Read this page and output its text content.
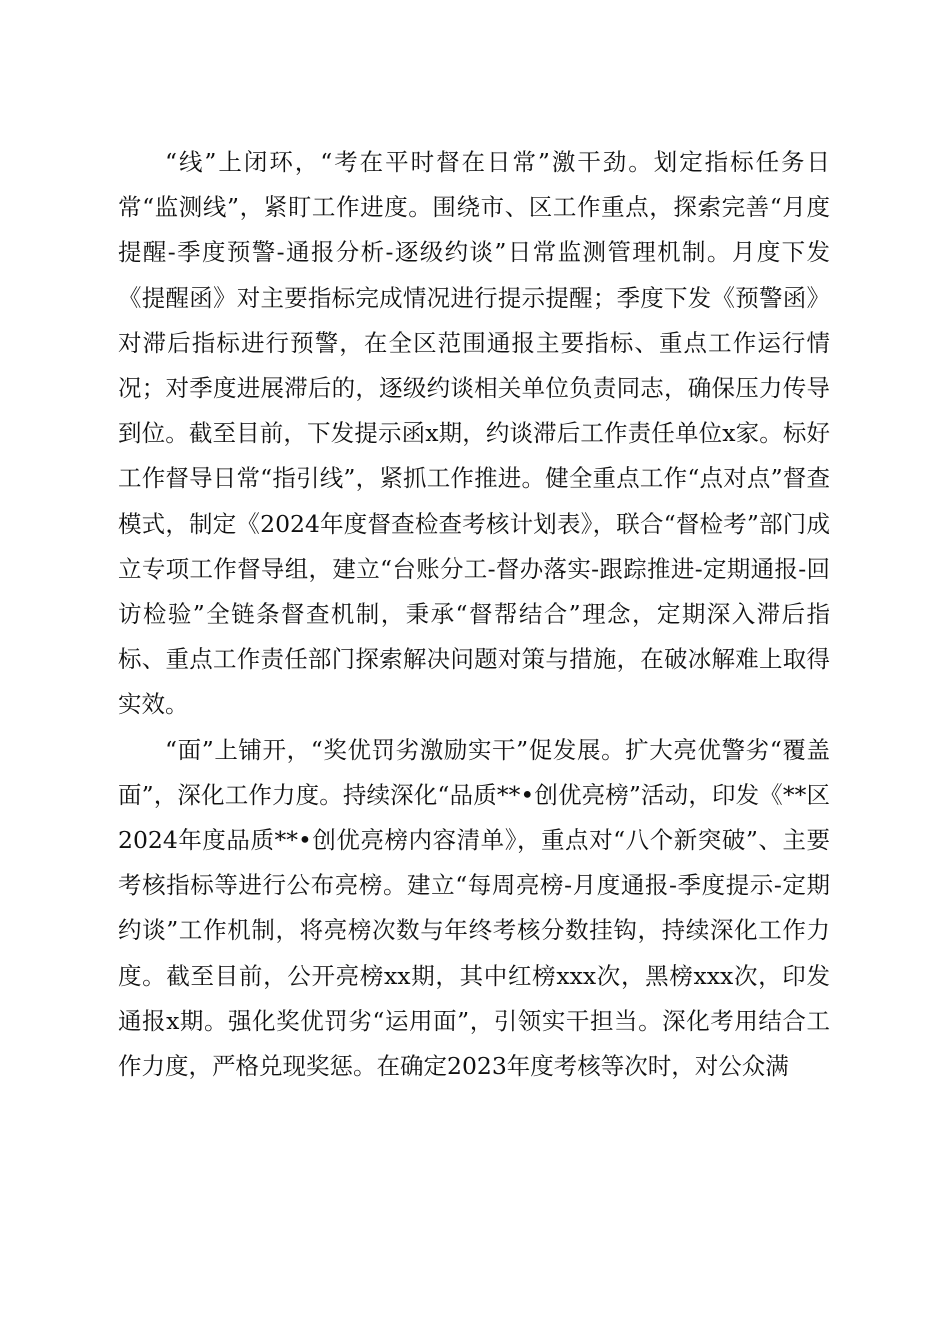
“线”上闭环，“考在平时督在日常”激干劲。划定指标任务日常“监测线”，紧盯工作进度。围绕市、区工作重点，探索完善“月度提醒-季度预警-通报分析-逐级约谈”日常监测管理机制。月度下发《提醒函》对主要指标完成情况进行提示提醒；季度下发《预警函》对滞后指标进行预警，在全区范围通报主要指标、重点工作运行情况；对季度进展滞后的，逐级约谈相关单位负责同志，确保压力传导到位。截至目前，下发提示函x期，约谈滞后工作责任单位x家。标好工作督导日常“指引线”，紧抓工作推进。健全重点工作“点对点”督查模式，制定《2024年度督查检查考核计划表》，联合“督检考”部门成立专项工作督导组，建立“台账分工-督办落实-跟踪推进-定期通报-回访检验”全链条督查机制，秉承“督帮结合”理念，定期深入滞后指标、重点工作责任部门探索解决问题对策与措施，在破冰解难上取得实效。

“面”上铺开，“奖优罚劣激励实干”促发展。扩大亮优警劣“覆盖面”，深化工作力度。持续深化“品质**•创优亮榜”活动，印发《**区2024年度品质**•创优亮榜内容清单》，重点对“八个新突破”、主要考核指标等进行公布亮榜。建立“每周亮榜-月度通报-季度提示-定期约谈”工作机制，将亮榜次数与年终考核分数挂钩，持续深化工作力度。截至目前，公开亮榜xx期，其中红榜xxx次，黑榜xxx次，印发通报x期。强化奖优罚劣“运用面”，引领实干担当。深化考用结合工作力度，严格兑现奖惩。在确定2023年度考核等次时，对公众满
